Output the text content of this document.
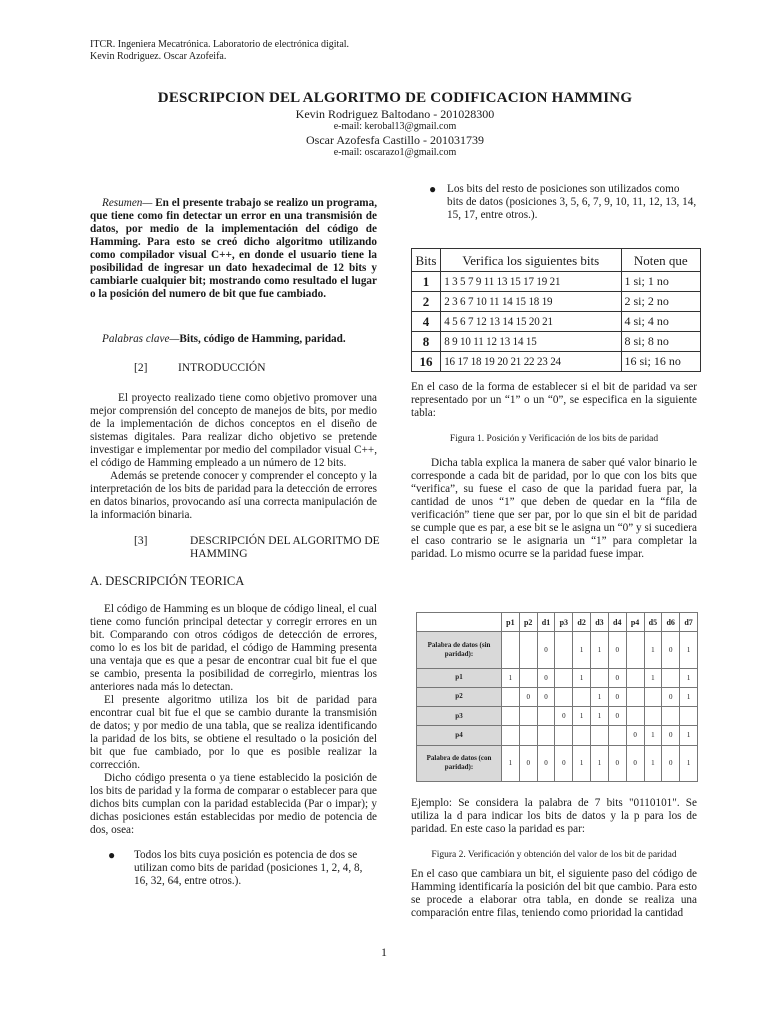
ITCR. Ingeniera Mecatrónica. Laboratorio de electrónica digital.
Kevin Rodriguez. Oscar Azofeifa.
DESCRIPCION DEL ALGORITMO DE CODIFICACION HAMMING
Kevin Rodriguez Baltodano - 201028300
e-mail: kerobal13@gmail.com
Oscar Azofesfa Castillo - 201031739
e-mail: oscarazo1@gmail.com

Resumen— En el presente trabajo se realizo un programa, que tiene como fin detectar un error en una transmisión de datos, por medio de la implementación del código de Hamming. Para esto se creó dicho algoritmo utilizando como compilador visual C++, en donde el usuario tiene la posibilidad de ingresar un dato hexadecimal de 12 bits y cambiarle cualquier bit; mostrando como resultado el lugar o la posición del numero de bit que fue cambiado.

Palabras clave—Bits, código de Hamming, paridad.

[2]	INTRODUCCIÓN

El proyecto realizado tiene como objetivo promover una mejor comprensión del concepto de manejos de bits, por medio de la implementación de dichos conceptos en el diseño de sistemas digitales. Para realizar dicho objetivo se pretende investigar e implementar por medio del compilador visual C++, el código de Hamming empleado a un número de 12 bits.

Además se pretende conocer y comprender el concepto y la interpretación de los bits de paridad para la detección de errores en datos binarios, provocando así una correcta manipulación de la información binaria.

[3]	DESCRIPCIÓN DEL ALGORITMO DE HAMMING
A. DESCRIPCIÓN TEORICA

El código de Hamming es un bloque de código lineal, el cual tiene como función principal detectar y corregir errores en un bit. Comparando con otros códigos de detección de errores, como lo es los bit de paridad, el código de Hamming presenta una ventaja que es que a pesar de encontrar cual bit fue el que se cambio, presenta la posibilidad de corregirlo, mientras los anteriores nada más lo detectan.

El presente algoritmo utiliza los bit de paridad para encontrar cual bit fue el que se cambio durante la transmisión de datos; y por medio de una tabla, que se realiza identificando la paridad de los bits, se obtiene el resultado o la posición del bit que fue cambiado, por lo que es posible realizar la corrección.

Dicho código presenta o ya tiene establecido la posición de los bits de paridad y la forma de comparar o establecer para que dichos bits cumplan con la paridad establecida (Par o impar); y dichas posiciones están establecidas por medio de potencia de dos, osea:

● Todos los bits cuya posición es potencia de dos se utilizan como bits de paridad (posiciones 1, 2, 4, 8, 16, 32, 64, entre otros.).

● Los bits del resto de posiciones son utilizados como bits de datos (posiciones 3, 5, 6, 7, 9, 10, 11, 12, 13, 14, 15, 17, entre otros.).

Bits	Verifica los siguientes bits	Noten que
1	1 3 5 7 9 11 13 15 17 19 21	1 si; 1 no
2	2 3 6 7 10 11 14 15 18 19	2 si; 2 no
4	4 5 6 7 12 13 14 15 20 21	4 si; 4 no
8	8 9 10 11 12 13 14 15	8 si; 8 no
16	16 17 18 19 20 21 22 23 24	16 si; 16 no
En el caso de la forma de establecer si el bit de paridad va ser representado por un “1” o un “0”, se especifica en la siguiente tabla:
Figura 1. Posición y Verificación de los bits de paridad

Dicha tabla explica la manera de saber qué valor binario le corresponde a cada bit de paridad, por lo que con los bits que “verifica”, su fuese el caso de que la paridad fuera par, la cantidad de unos “1” que deben de quedar en la “fila de verificación” tiene que ser par, por lo que sin el bit de paridad se cumple que es par, a ese bit se le asigna un “0” y si sucediera el caso contrario se le asignaria un “1” para completar la paridad. Lo mismo ocurre se la paridad fuese impar.

	p1	p2	d1	p3	d2	d3	d4	p4	d5	d6	d7
Palabra de datos (sin paridad):			0		1	1	0		1	0	1
p1	1		0		1		0		1		1
p2		0	0			1	0			0	1
p3				0	1	1	0				
p4								0	1	0	1
Palabra de datos (con paridad):	1	0	0	0	1	1	0	0	1	0	1
Ejemplo: Se considera la palabra de 7 bits "0110101". Se utiliza la d para indicar los bits de datos y la p para los de paridad. En este caso la paridad es par:
Figura 2. Verificación y obtención del valor de los bit de paridad
En el caso que cambiara un bit, el siguiente paso del código de Hamming identificaría la posición del bit que cambio. Para esto se procede a elaborar otra tabla, en donde se realiza una comparación entre filas, teniendo como prioridad la cantidad
1
